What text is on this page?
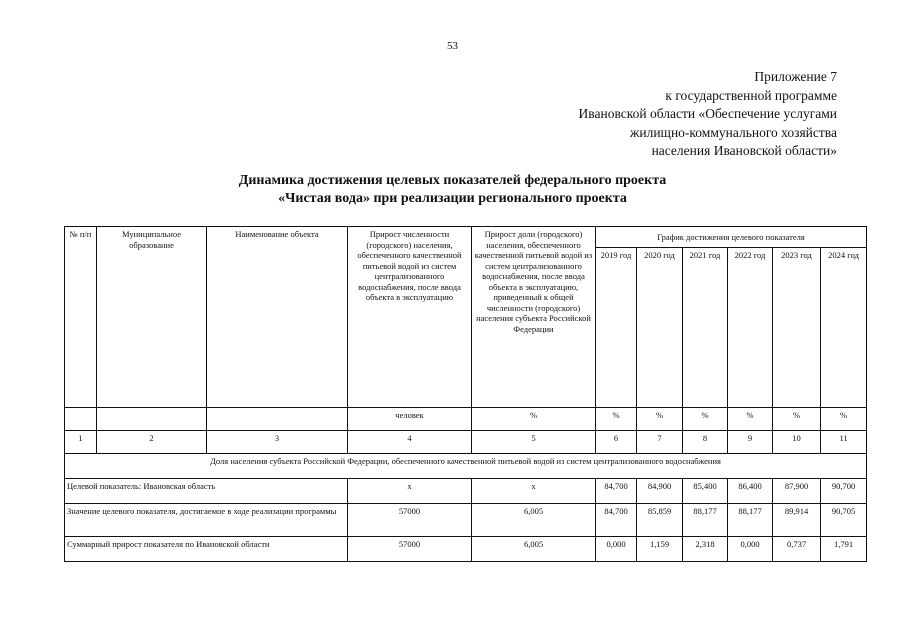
53
Приложение 7
к государственной программе
Ивановской области «Обеспечение услугами
жилищно-коммунального хозяйства
населения Ивановской области»
Динамика достижения целевых показателей федерального проекта
«Чистая вода» при реализации регионального проекта
№ п/п	Муниципальное образование	Наименование объекта	Прирост численности (городского) населения, обеспеченного качественной питьевой водой из систем централизованного водоснабжения, после ввода объекта в эксплуатацию	Прирост доли (городского) населения, обеспеченного качественной питьевой водой из систем централизованного водоснабжения, после ввода объекта в эксплуатацию, приведенный к общей численности (городского) населения субъекта Российской Федерации	График достижения целевого показателя					
					2019 год	2020 год	2021 год	2022 год	2023 год	2024 год
			человек	%	%	%	%	%	%	%
1	2	3	4	5	6	7	8	9	10	11
Доля населения субъекта Российской Федерации, обеспеченного качественной питьевой водой из систем централизованного водоснабжения										
Целевой показатель: Ивановская область			x	x	84,700	84,900	85,400	86,400	87,900	90,700
Значение целевого показателя, достигаемое в ходе реализации программы			57000	6,005	84,700	85,859	88,177	88,177	89,914	90,705
Суммарный прирост показателя по Ивановской области			57000	6,005	0,000	1,159	2,318	0,000	0,737	1,791
